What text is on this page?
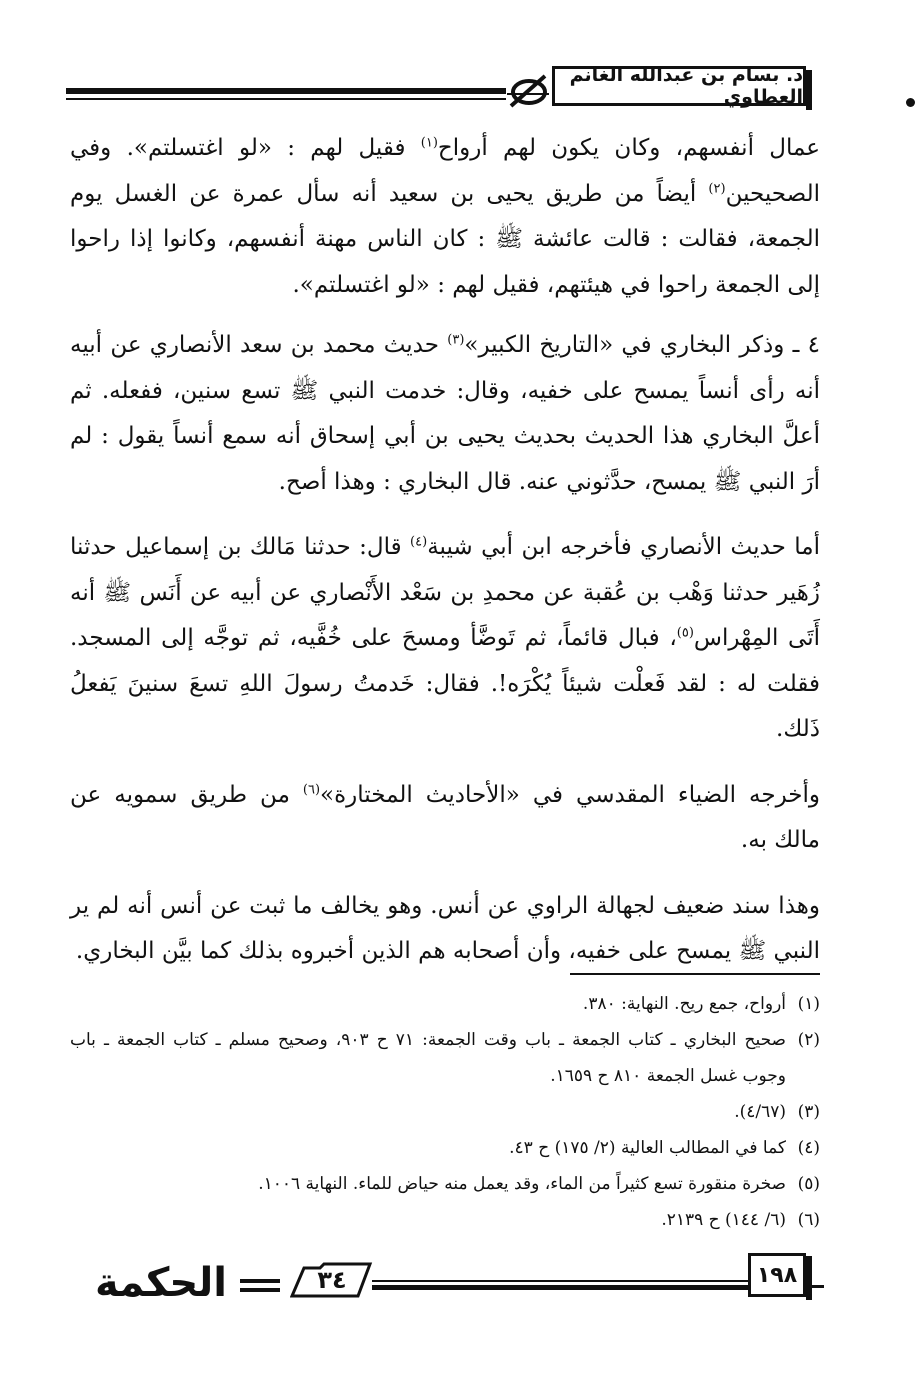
د. بسام بن عبدالله الغانم العطاوي

عمال أنفسهم، وكان يكون لهم أرواح$^{(١)}$ فقيل لهم : «لو اغتسلتم». وفي الصحيحين$^{(٢)}$ أيضاً من طريق يحيى بن سعيد أنه سأل عمرة عن الغسل يوم الجمعة، فقالت : قالت عائشة ﷺ : كان الناس مهنة أنفسهم، وكانوا إذا راحوا إلى الجمعة راحوا في هيئتهم، فقيل لهم : «لو اغتسلتم».

٤ ـ وذكر البخاري في «التاريخ الكبير»$^{(٣)}$ حديث محمد بن سعد الأنصاري عن أبيه أنه رأى أنساً يمسح على خفيه، وقال: خدمت النبي ﷺ تسع سنين، ففعله. ثم أعلَّ البخاري هذا الحديث بحديث يحيى بن أبي إسحاق أنه سمع أنساً يقول : لم أرَ النبي ﷺ يمسح، حدَّثوني عنه. قال البخاري : وهذا أصح.

أما حديث الأنصاري فأخرجه ابن أبي شيبة$^{(٤)}$ قال: حدثنا مَالك بن إسماعيل حدثنا زُهَير حدثنا وَهْب بن عُقبة عن محمدِ بن سَعْد الأَنْصاري عن أبيه عن أَنَس ﷺ أنه أَتَى المِهْراس$^{(٥)}$، فبال قائماً، ثم تَوضَّأ ومسحَ على خُفَّيه، ثم توجَّه إلى المسجد. فقلت له : لقد فَعلْت شيئاً يُكْرَه!. فقال: خَدمتُ رسولَ اللهِ تسعَ سنينَ يَفعلُ ذَلك.

وأخرجه الضياء المقدسي في «الأحاديث المختارة»$^{(٦)}$ من طريق سمويه عن مالك به.

وهذا سند ضعيف لجهالة الراوي عن أنس. وهو يخالف ما ثبت عن أنس أنه لم ير النبي ﷺ يمسح على خفيه، وأن أصحابه هم الذين أخبروه بذلك كما بيَّن البخاري.

(١)
أرواح، جمع ريح. النهاية: ٣٨٠.
(٢)
صحيح البخاري ـ كتاب الجمعة ـ باب وقت الجمعة: ٧١ ح ٩٠٣، وصحيح مسلم ـ كتاب الجمعة ـ باب وجوب غسل الجمعة ٨١٠ ح ١٦٥٩.
(٣)
(٤/٦٧).
(٤)
كما في المطالب العالية (٢/ ١٧٥) ح ٤٣.
(٥)
صخرة منقورة تسع كثيراً من الماء، وقد يعمل منه حياض للماء. النهاية ١٠٠٦.
(٦)
(٦/ ١٤٤) ح ٢١٣٩.
١٩٨
٣٤
الحكمة
